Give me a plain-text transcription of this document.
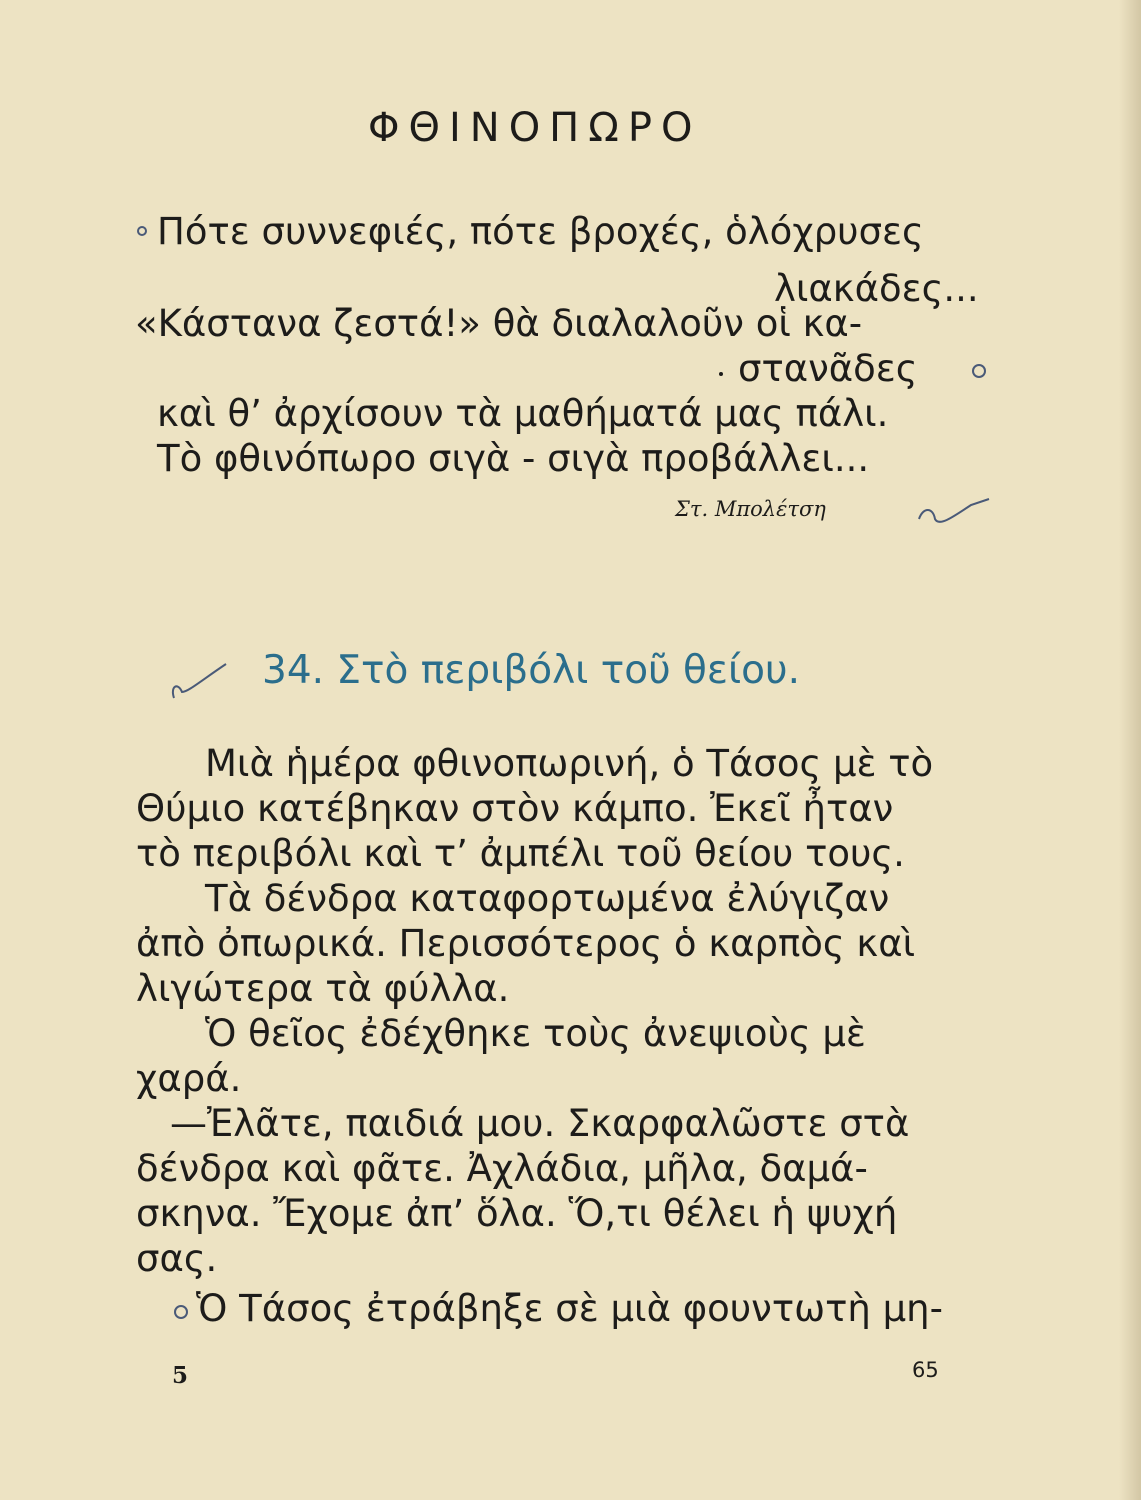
ΦΘΙΝΟΠΩΡΟ
Πότε συννεφιές, πότε βροχές, ὁλόχρυσες
λιακάδες...
«Κάστανα ζεστά!» θὰ διαλαλοῦν οἱ κα-
στανᾶδες
καὶ θ’ ἀρχίσουν τὰ μαθήματά μας πάλι.
Τὸ φθινόπωρο σιγὰ - σιγὰ προβάλλει...
Στ. Μπολέτση
34. Στὸ περιβόλι τοῦ θείου.
Μιὰ ἡμέρα φθινοπωρινή, ὁ Τάσος μὲ τὸ
Θύμιο κατέβηκαν στὸν κάμπο. Ἐκεῖ ἦταν
τὸ περιβόλι καὶ τ’ ἀμπέλι τοῦ θείου τους.
Τὰ δένδρα καταφορτωμένα ἐλύγιζαν
ἀπὸ ὀπωρικά. Περισσότερος ὁ καρπὸς καὶ
λιγώτερα τὰ φύλλα.
Ὁ θεῖος ἐδέχθηκε τοὺς ἀνεψιοὺς μὲ
χαρά.
—Ἐλᾶτε, παιδιά μου. Σκαρφαλῶστε στὰ
δένδρα καὶ φᾶτε. Ἀχλάδια, μῆλα, δαμά-
σκηνα. Ἔχομε ἀπ’ ὅλα. Ὅ,τι θέλει ἡ ψυχή
σας.
Ὁ Τάσος ἐτράβηξε σὲ μιὰ φουντωτὴ μη-
5	65
